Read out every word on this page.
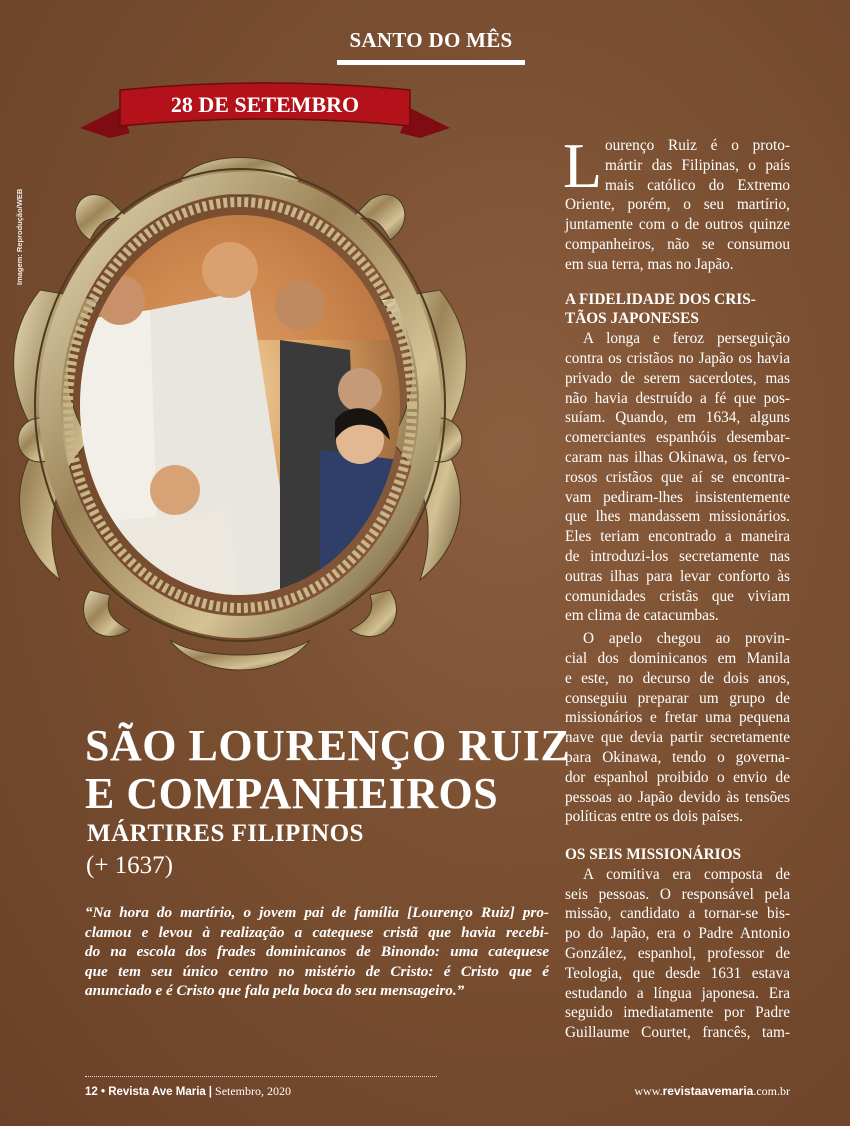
SANTO DO MÊS
Imagem: Reprodução/WEB
28 DE SETEMBRO
SÃO LOURENÇO RUIZ
E COMPANHEIROS
MÁRTIRES FILIPINOS
(+ 1637)
“Na hora do martírio, o jovem pai de família [Lourenço Ruiz] pro-
clamou e levou à realização a catequese cristã que havia recebi-
do na escola dos frades dominicanos de Binondo: uma catequese
que tem seu único centro no mistério de Cristo: é Cristo que é
anunciado e é Cristo que fala pela boca do seu mensageiro.”
L ourenço Ruiz é o proto-
mártir das Filipinas, o país
mais católico do Extremo
Oriente, porém, o seu martírio,
juntamente com o de outros quinze
companheiros, não se consumou
em sua terra, mas no Japão.
A FIDELIDADE DOS CRIS-
TÃOS JAPONESES
A longa e feroz perseguição
contra os cristãos no Japão os havia
privado de serem sacerdotes, mas
não havia destruído a fé que pos-
suíam. Quando, em 1634, alguns
comerciantes espanhóis desembar-
caram nas ilhas Okinawa, os fervo-
rosos cristãos que aí se encontra-
vam pediram-lhes insistentemente
que lhes mandassem missionários.
Eles teriam encontrado a maneira
de introduzi-los secretamente nas
outras ilhas para levar conforto às
comunidades cristãs que viviam
em clima de catacumbas.
O apelo chegou ao provin-
cial dos dominicanos em Manila
e este, no decurso de dois anos,
conseguiu preparar um grupo de
missionários e fretar uma pequena
nave que devia partir secretamente
para Okinawa, tendo o governa-
dor espanhol proibido o envio de
pessoas ao Japão devido às tensões
políticas entre os dois países.
OS SEIS MISSIONÁRIOS
A comitiva era composta de
seis pessoas. O responsável pela
missão, candidato a tornar-se bis-
po do Japão, era o Padre Antonio
González, espanhol, professor de
Teologia, que desde 1631 estava
estudando a língua japonesa. Era
seguido imediatamente por Padre
Guillaume Courtet, francês, tam-
12 • Revista Ave Maria | Setembro, 2020	www.revistaavemaria.com.br
